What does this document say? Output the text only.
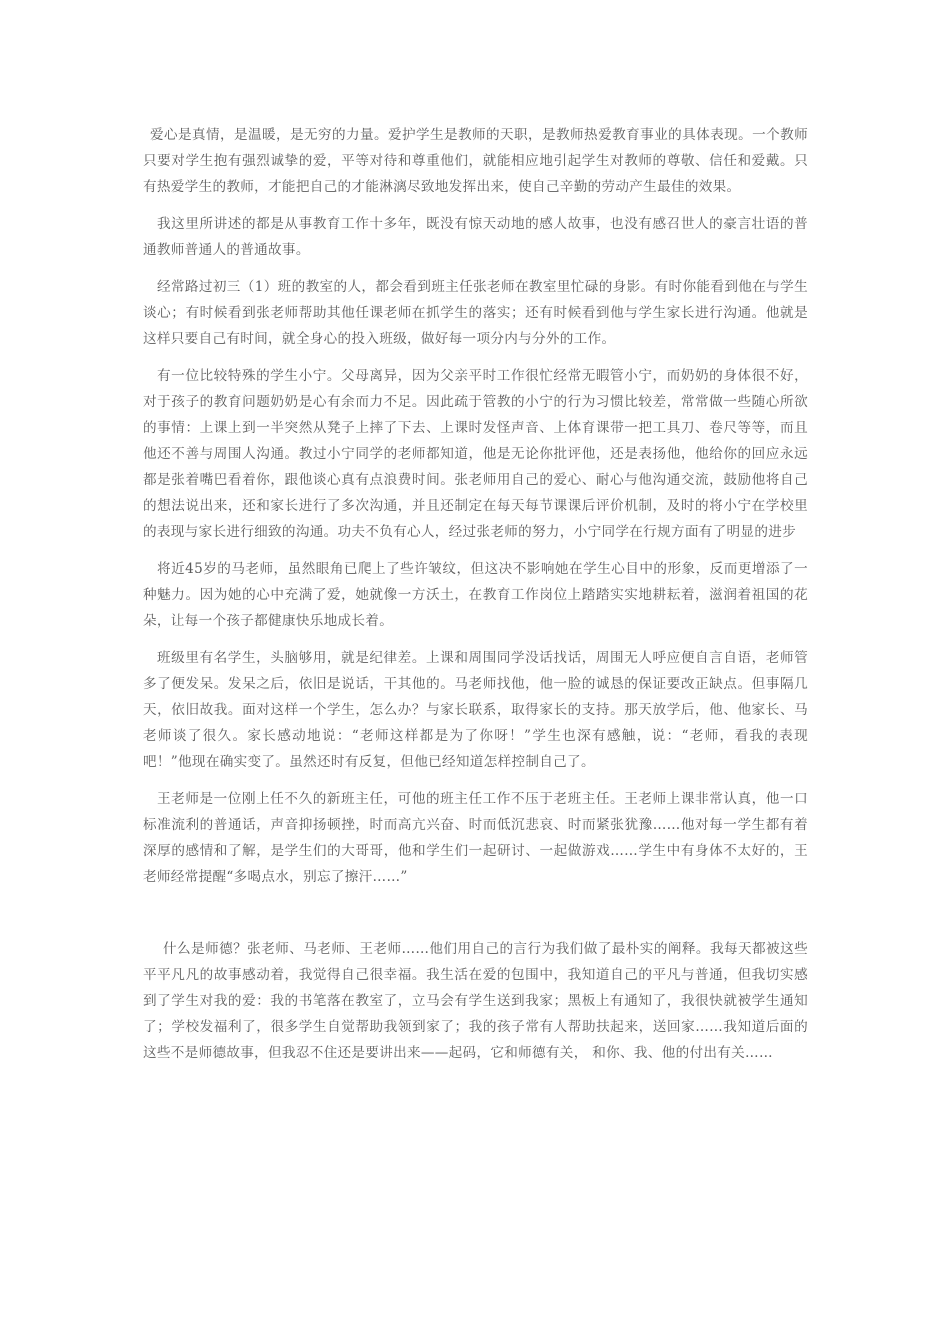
爱心是真情，是温暖，是无穷的力量。爱护学生是教师的天职，是教师热爱教育事业的具体表现。一个教师只要对学生抱有强烈诚挚的爱，平等对待和尊重他们，就能相应地引起学生对教师的尊敬、信任和爱戴。只有热爱学生的教师，才能把自己的才能淋漓尽致地发挥出来，使自己辛勤的劳动产生最佳的效果。

我这里所讲述的都是从事教育工作十多年，既没有惊天动地的感人故事，也没有感召世人的豪言壮语的普通教师普通人的普通故事。

经常路过初三（1）班的教室的人，都会看到班主任张老师在教室里忙碌的身影。有时你能看到他在与学生谈心；有时候看到张老师帮助其他任课老师在抓学生的落实；还有时候看到他与学生家长进行沟通。他就是这样只要自己有时间，就全身心的投入班级，做好每一项分内与分外的工作。

有一位比较特殊的学生小宁。父母离异，因为父亲平时工作很忙经常无暇管小宁，而奶奶的身体很不好，对于孩子的教育问题奶奶是心有余而力不足。因此疏于管教的小宁的行为习惯比较差，常常做一些随心所欲的事情：上课上到一半突然从凳子上摔了下去、上课时发怪声音、上体育课带一把工具刀、卷尺等等，而且他还不善与周围人沟通。教过小宁同学的老师都知道，他是无论你批评他，还是表扬他，他给你的回应永远都是张着嘴巴看着你，跟他谈心真有点浪费时间。张老师用自己的爱心、耐心与他沟通交流，鼓励他将自己的想法说出来，还和家长进行了多次沟通，并且还制定在每天每节课课后评价机制，及时的将小宁在学校里的表现与家长进行细致的沟通。功夫不负有心人，经过张老师的努力，小宁同学在行规方面有了明显的进步

将近45岁的马老师，虽然眼角已爬上了些许皱纹，但这决不影响她在学生心目中的形象，反而更增添了一种魅力。因为她的心中充满了爱，她就像一方沃土，在教育工作岗位上踏踏实实地耕耘着，滋润着祖国的花朵，让每一个孩子都健康快乐地成长着。

班级里有名学生，头脑够用，就是纪律差。上课和周围同学没话找话，周围无人呼应便自言自语，老师管多了便发呆。发呆之后，依旧是说话，干其他的。马老师找他，他一脸的诚恳的保证要改正缺点。但事隔几天，依旧故我。面对这样一个学生，怎么办？与家长联系，取得家长的支持。那天放学后，他、他家长、马老师谈了很久。家长感动地说：“老师这样都是为了你呀！”学生也深有感触，说：“老师，看我的表现吧！”他现在确实变了。虽然还时有反复，但他已经知道怎样控制自己了。

王老师是一位刚上任不久的新班主任，可他的班主任工作不压于老班主任。王老师上课非常认真，他一口标准流利的普通话，声音抑扬顿挫，时而高亢兴奋、时而低沉悲哀、时而紧张犹豫……他对每一学生都有着深厚的感情和了解，是学生们的大哥哥，他和学生们一起研讨、一起做游戏……学生中有身体不太好的，王老师经常提醒“多喝点水，别忘了擦汗……”

什么是师德？张老师、马老师、王老师……他们用自己的言行为我们做了最朴实的阐释。我每天都被这些平平凡凡的故事感动着，我觉得自己很幸福。我生活在爱的包围中，我知道自己的平凡与普通，但我切实感到了学生对我的爱：我的书笔落在教室了，立马会有学生送到我家；黑板上有通知了，我很快就被学生通知了；学校发福利了，很多学生自觉帮助我领到家了；我的孩子常有人帮助扶起来，送回家……我知道后面的这些不是师德故事，但我忍不住还是要讲出来——起码，它和师德有关， 和你、我、他的付出有关……
